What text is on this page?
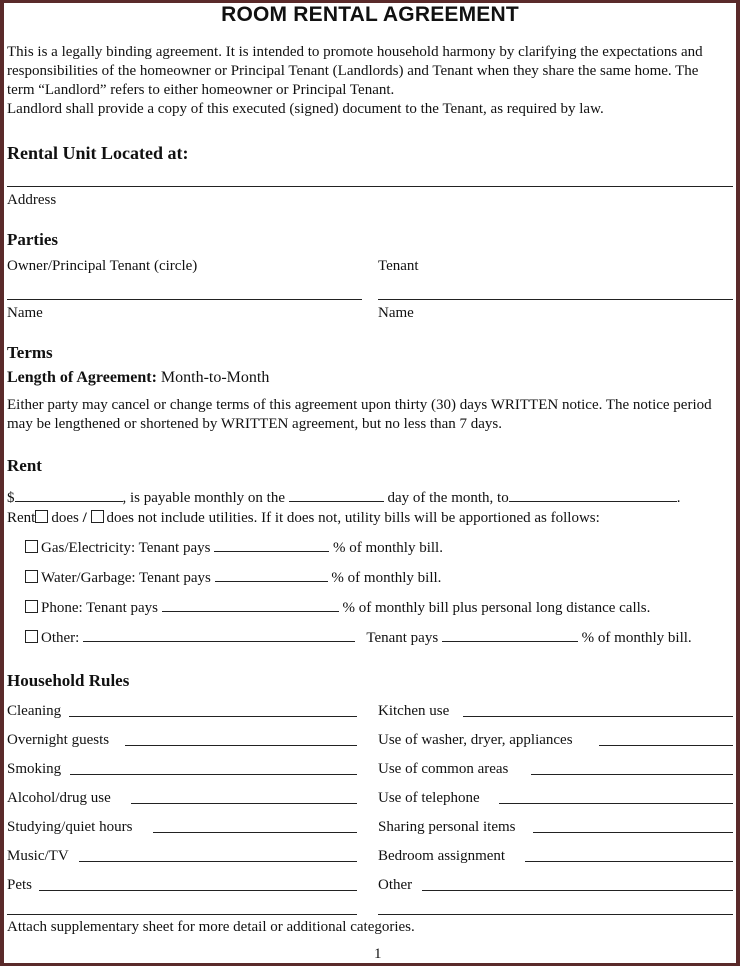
ROOM RENTAL AGREEMENT
This is a legally binding agreement. It is intended to promote household harmony by clarifying the expectations and responsibilities of the homeowner or Principal Tenant (Landlords) and Tenant when they share the same home. The term “Landlord” refers to either homeowner or Principal Tenant.
Landlord shall provide a copy of this executed (signed) document to the Tenant, as required by law.
Rental Unit Located at:
Address
Parties
Owner/Principal Tenant (circle)	Tenant
Name	Name
Terms
Length of Agreement: Month-to-Month
Either party may cancel or change terms of this agreement upon thirty (30) days WRITTEN notice. The notice period may be lengthened or shortened by WRITTEN agreement, but no less than 7 days.
Rent
$	, is payable monthly on the	day of the month, to	.
Rent does / does not include utilities. If it does not, utility bills will be apportioned as follows:
Gas/Electricity: Tenant pays	% of monthly bill.
Water/Garbage: Tenant pays	% of monthly bill.
Phone: Tenant pays	% of monthly bill plus personal long distance calls.
Other:	Tenant pays	% of monthly bill.
Household Rules
Cleaning	Kitchen use
Overnight guests	Use of washer, dryer, appliances
Smoking	Use of common areas
Alcohol/drug use	Use of telephone
Studying/quiet hours	Sharing personal items
Music/TV	Bedroom assignment
Pets	Other
Attach supplementary sheet for more detail or additional categories.
1
